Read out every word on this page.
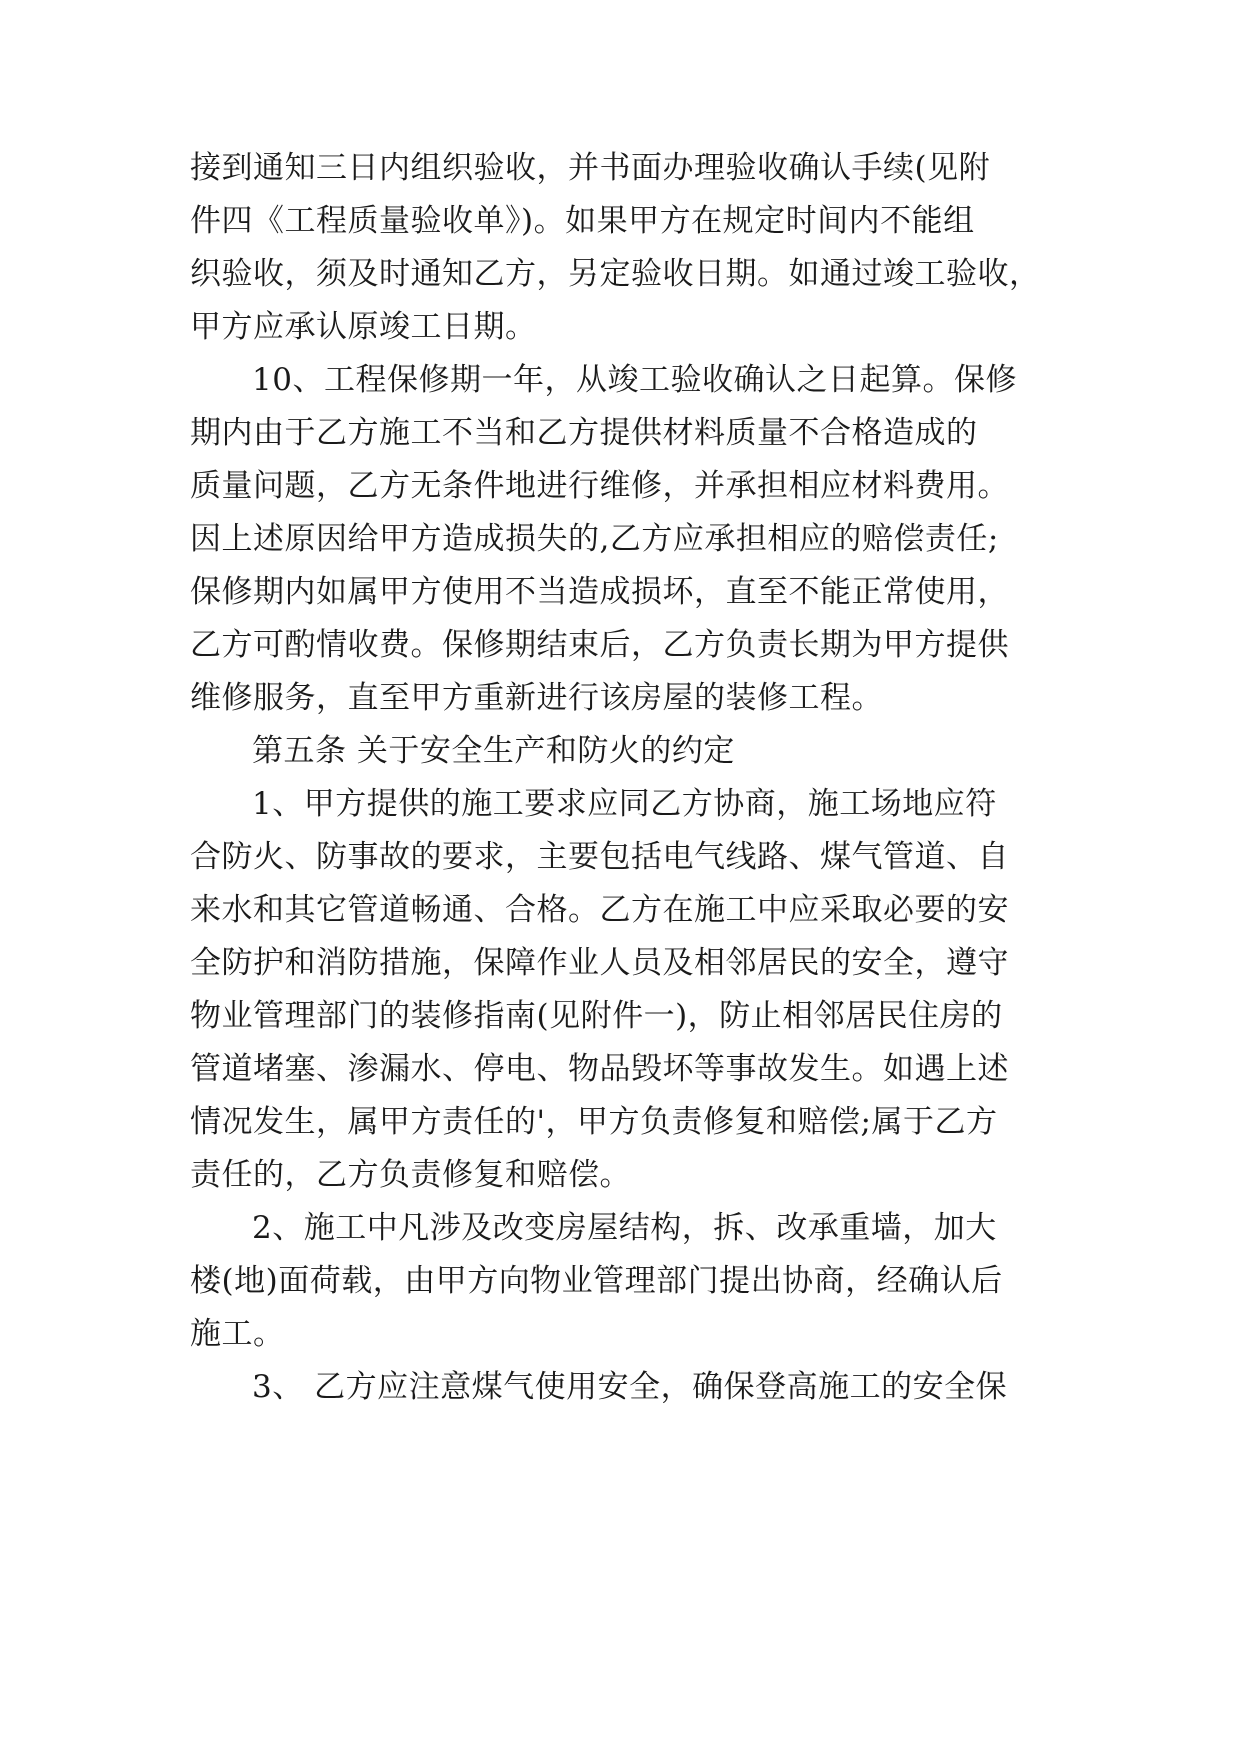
接到通知三日内组织验收，并书面办理验收确认手续(见附
件四《工程质量验收单》)。如果甲方在规定时间内不能组
织验收，须及时通知乙方，另定验收日期。如通过竣工验收，
甲方应承认原竣工日期。
10、工程保修期一年，从竣工验收确认之日起算。保修
期内由于乙方施工不当和乙方提供材料质量不合格造成的
质量问题，乙方无条件地进行维修，并承担相应材料费用。
因上述原因给甲方造成损失的,乙方应承担相应的赔偿责任;
保修期内如属甲方使用不当造成损坏，直至不能正常使用，
乙方可酌情收费。保修期结束后，乙方负责长期为甲方提供
维修服务，直至甲方重新进行该房屋的装修工程。
第五条 关于安全生产和防火的约定
1、甲方提供的施工要求应同乙方协商，施工场地应符
合防火、防事故的要求，主要包括电气线路、煤气管道、自
来水和其它管道畅通、合格。乙方在施工中应采取必要的安
全防护和消防措施，保障作业人员及相邻居民的安全，遵守
物业管理部门的装修指南(见附件一)，防止相邻居民住房的
管道堵塞、渗漏水、停电、物品毁坏等事故发生。如遇上述
情况发生，属甲方责任的'，甲方负责修复和赔偿;属于乙方
责任的，乙方负责修复和赔偿。
2、施工中凡涉及改变房屋结构，拆、改承重墙，加大
楼(地)面荷载，由甲方向物业管理部门提出协商，经确认后
施工。
3、 乙方应注意煤气使用安全，确保登高施工的安全保
